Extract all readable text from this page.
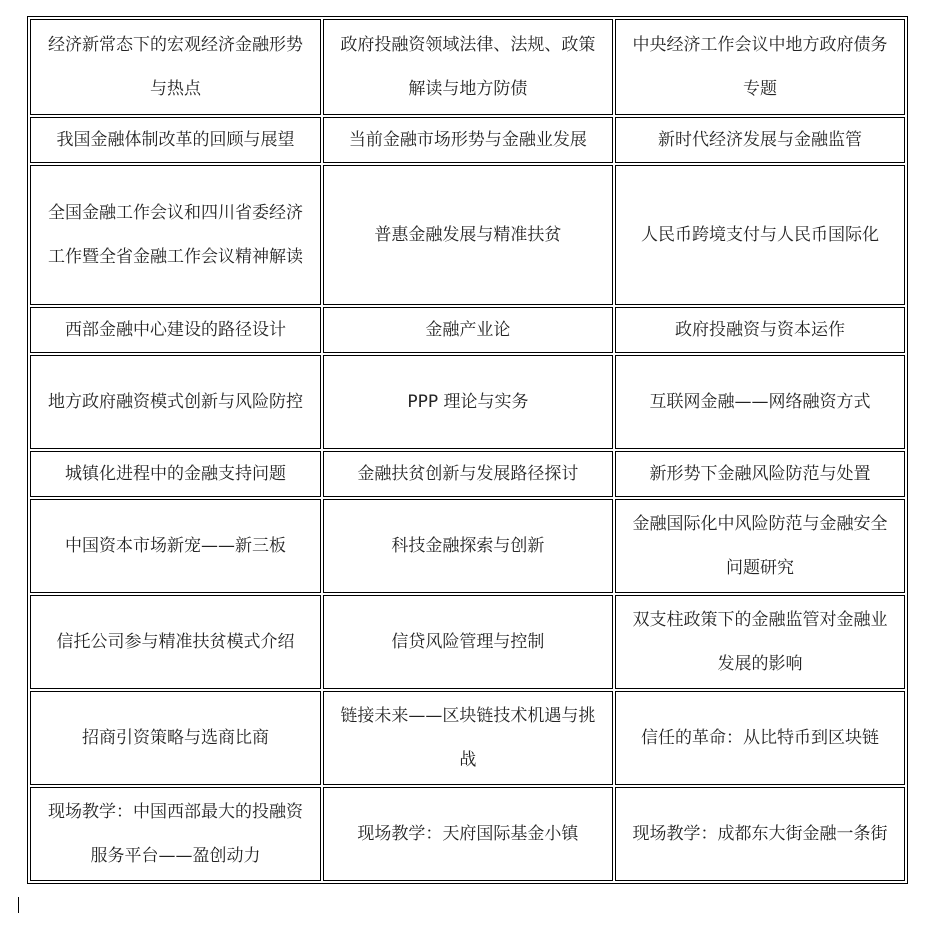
经济新常态下的宏观经济金融形势与热点	政府投融资领域法律、法规、政策解读与地方防债	中央经济工作会议中地方政府债务专题
我国金融体制改革的回顾与展望	当前金融市场形势与金融业发展	新时代经济发展与金融监管
全国金融工作会议和四川省委经济工作暨全省金融工作会议精神解读	普惠金融发展与精准扶贫	人民币跨境支付与人民币国际化
西部金融中心建设的路径设计	金融产业论	政府投融资与资本运作
地方政府融资模式创新与风险防控	PPP 理论与实务	互联网金融——网络融资方式
城镇化进程中的金融支持问题	金融扶贫创新与发展路径探讨	新形势下金融风险防范与处置
中国资本市场新宠——新三板	科技金融探索与创新	金融国际化中风险防范与金融安全问题研究
信托公司参与精准扶贫模式介绍	信贷风险管理与控制	双支柱政策下的金融监管对金融业发展的影响
招商引资策略与选商比商	链接未来——区块链技术机遇与挑战	信任的革命：从比特币到区块链
现场教学：中国西部最大的投融资服务平台——盈创动力	现场教学：天府国际基金小镇	现场教学：成都东大街金融一条街
